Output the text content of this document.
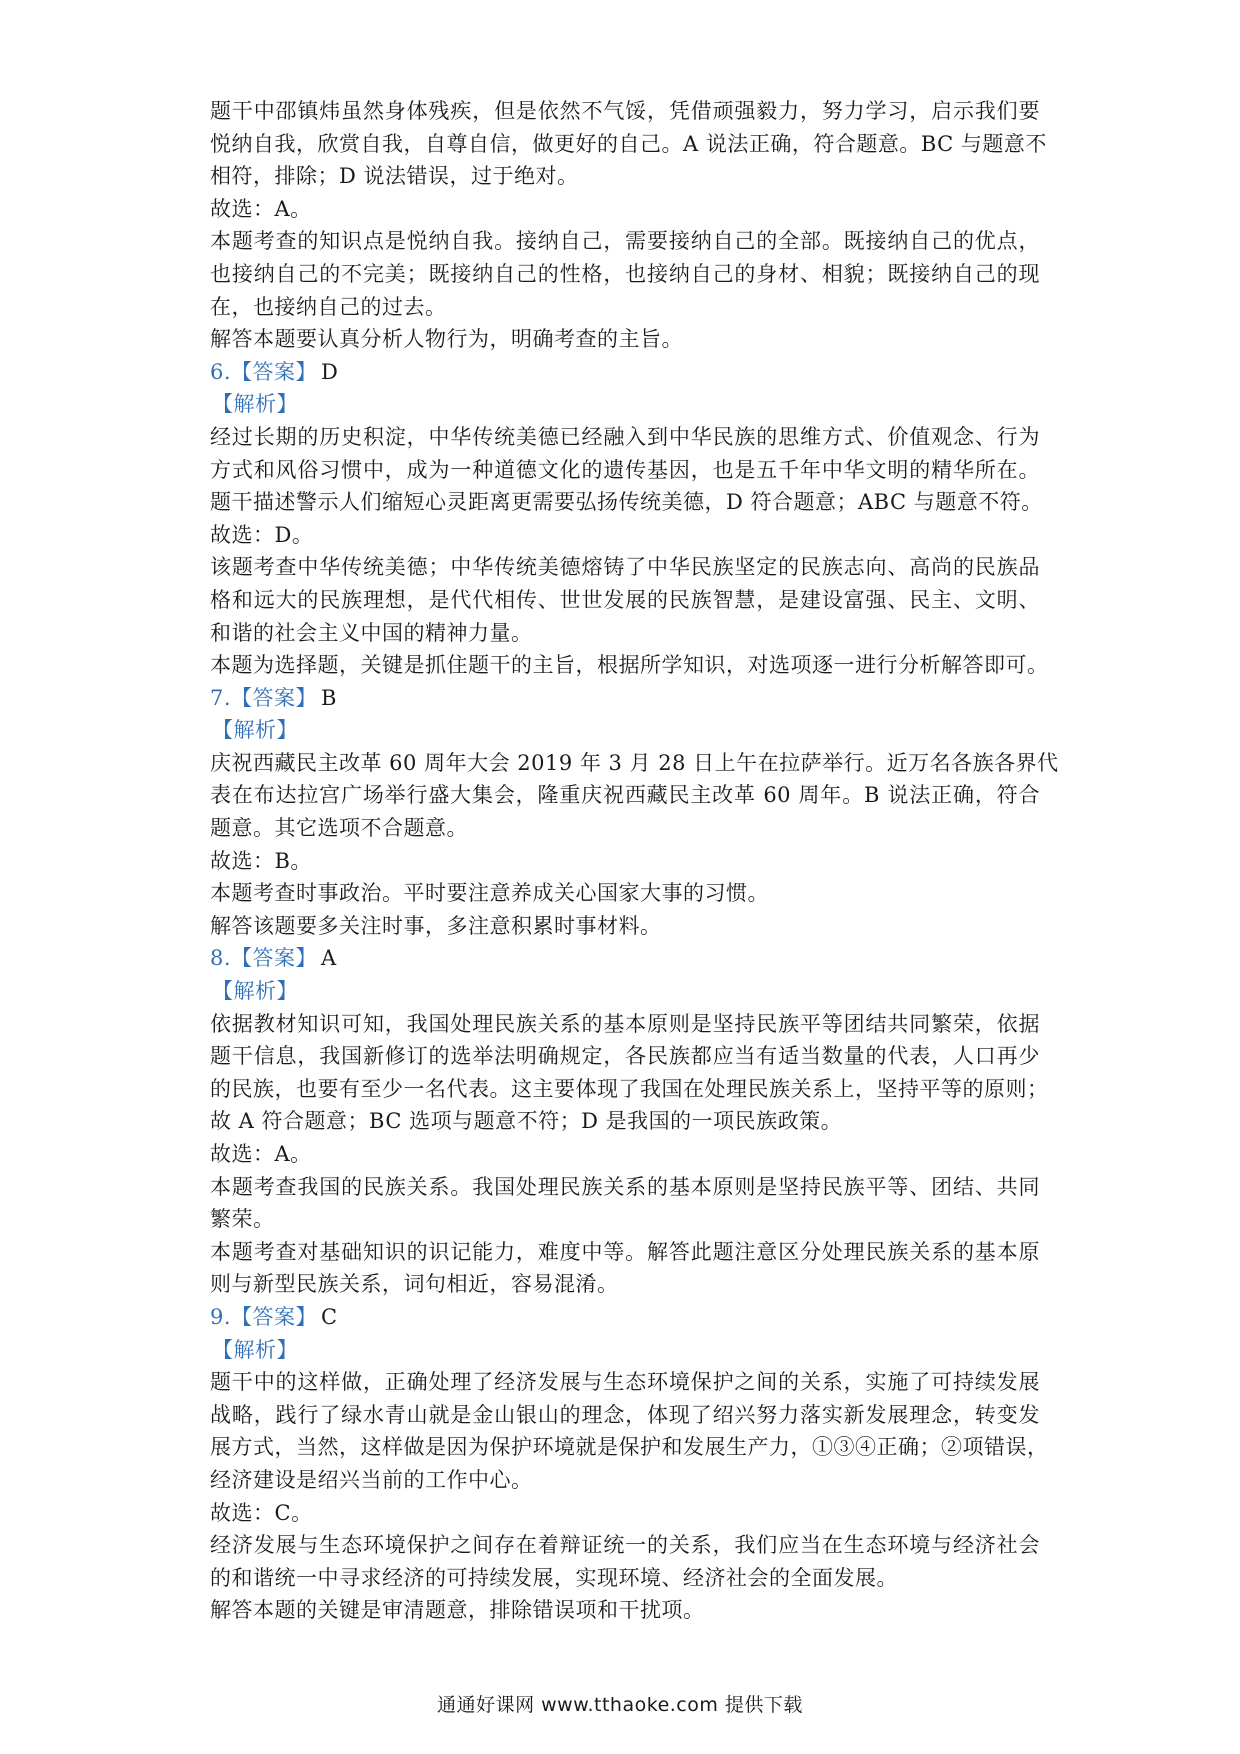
题干中邵镇炜虽然身体残疾，但是依然不气馁，凭借顽强毅力，努力学习，启示我们要
悦纳自我，欣赏自我，自尊自信，做更好的自己。A 说法正确，符合题意。BC 与题意不
相符，排除；D 说法错误，过于绝对。
故选：A。
本题考查的知识点是悦纳自我。接纳自己，需要接纳自己的全部。既接纳自己的优点，
也接纳自己的不完美；既接纳自己的性格，也接纳自己的身材、相貌；既接纳自己的现
在，也接纳自己的过去。
解答本题要认真分析人物行为，明确考查的主旨。
6.【答案】 D
【解析】
经过长期的历史积淀，中华传统美德已经融入到中华民族的思维方式、价值观念、行为
方式和风俗习惯中，成为一种道德文化的遗传基因，也是五千年中华文明的精华所在。
题干描述警示人们缩短心灵距离更需要弘扬传统美德，D 符合题意；ABC 与题意不符。
故选：D。
该题考查中华传统美德；中华传统美德熔铸了中华民族坚定的民族志向、高尚的民族品
格和远大的民族理想，是代代相传、世世发展的民族智慧，是建设富强、民主、文明、
和谐的社会主义中国的精神力量。
本题为选择题，关键是抓住题干的主旨，根据所学知识，对选项逐一进行分析解答即可。
7.【答案】 B
【解析】
庆祝西藏民主改革 60 周年大会 2019 年 3 月 28 日上午在拉萨举行。近万名各族各界代
表在布达拉宫广场举行盛大集会，隆重庆祝西藏民主改革 60 周年。B 说法正确，符合
题意。其它选项不合题意。
故选：B。
本题考查时事政治。平时要注意养成关心国家大事的习惯。
解答该题要多关注时事，多注意积累时事材料。
8.【答案】 A
【解析】
依据教材知识可知，我国处理民族关系的基本原则是坚持民族平等团结共同繁荣，依据
题干信息，我国新修订的选举法明确规定，各民族都应当有适当数量的代表，人口再少
的民族，也要有至少一名代表。这主要体现了我国在处理民族关系上，坚持平等的原则；
故 A 符合题意；BC 选项与题意不符；D 是我国的一项民族政策。
故选：A。
本题考查我国的民族关系。我国处理民族关系的基本原则是坚持民族平等、团结、共同
繁荣。
本题考查对基础知识的识记能力，难度中等。解答此题注意区分处理民族关系的基本原
则与新型民族关系，词句相近，容易混淆。
9.【答案】 C
【解析】
题干中的这样做，正确处理了经济发展与生态环境保护之间的关系，实施了可持续发展
战略，践行了绿水青山就是金山银山的理念，体现了绍兴努力落实新发展理念，转变发
展方式，当然，这样做是因为保护环境就是保护和发展生产力，①③④正确；②项错误，
经济建设是绍兴当前的工作中心。
故选：C。
经济发展与生态环境保护之间存在着辩证统一的关系，我们应当在生态环境与经济社会
的和谐统一中寻求经济的可持续发展，实现环境、经济社会的全面发展。
解答本题的关键是审清题意，排除错误项和干扰项。
通通好课网 www.tthaoke.com 提供下载
